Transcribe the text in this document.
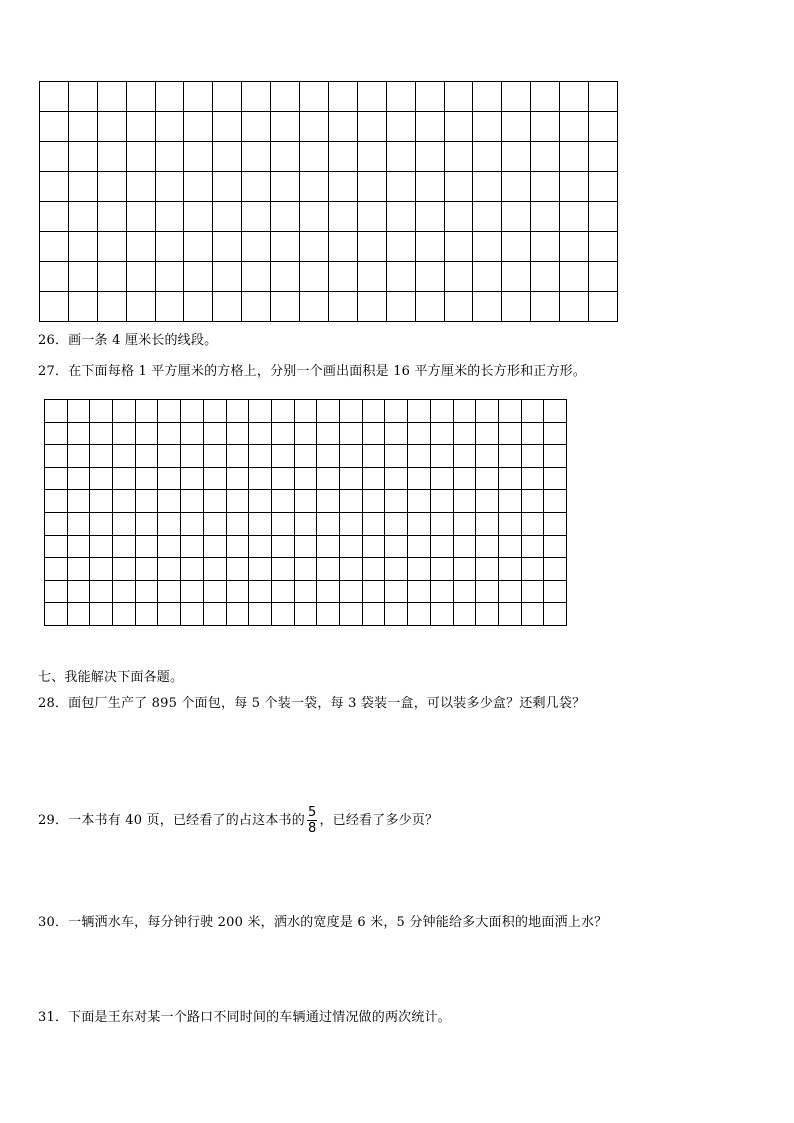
26．画一条 4 厘米长的线段。
27．在下面每格 1 平方厘米的方格上，分别一个画出面积是 16 平方厘米的长方形和正方形。
七、我能解决下面各题。
28．面包厂生产了 895 个面包，每 5 个装一袋，每 3 袋装一盒，可以装多少盒？还剩几袋？
29．一本书有 40 页，已经看了的占这本书的 $\frac{5}{8}$ ，已经看了多少页？
30．一辆洒水车，每分钟行驶 200 米，洒水的宽度是 6 米，5 分钟能给多大面积的地面洒上水？
31．下面是王东对某一个路口不同时间的车辆通过情况做的两次统计。
